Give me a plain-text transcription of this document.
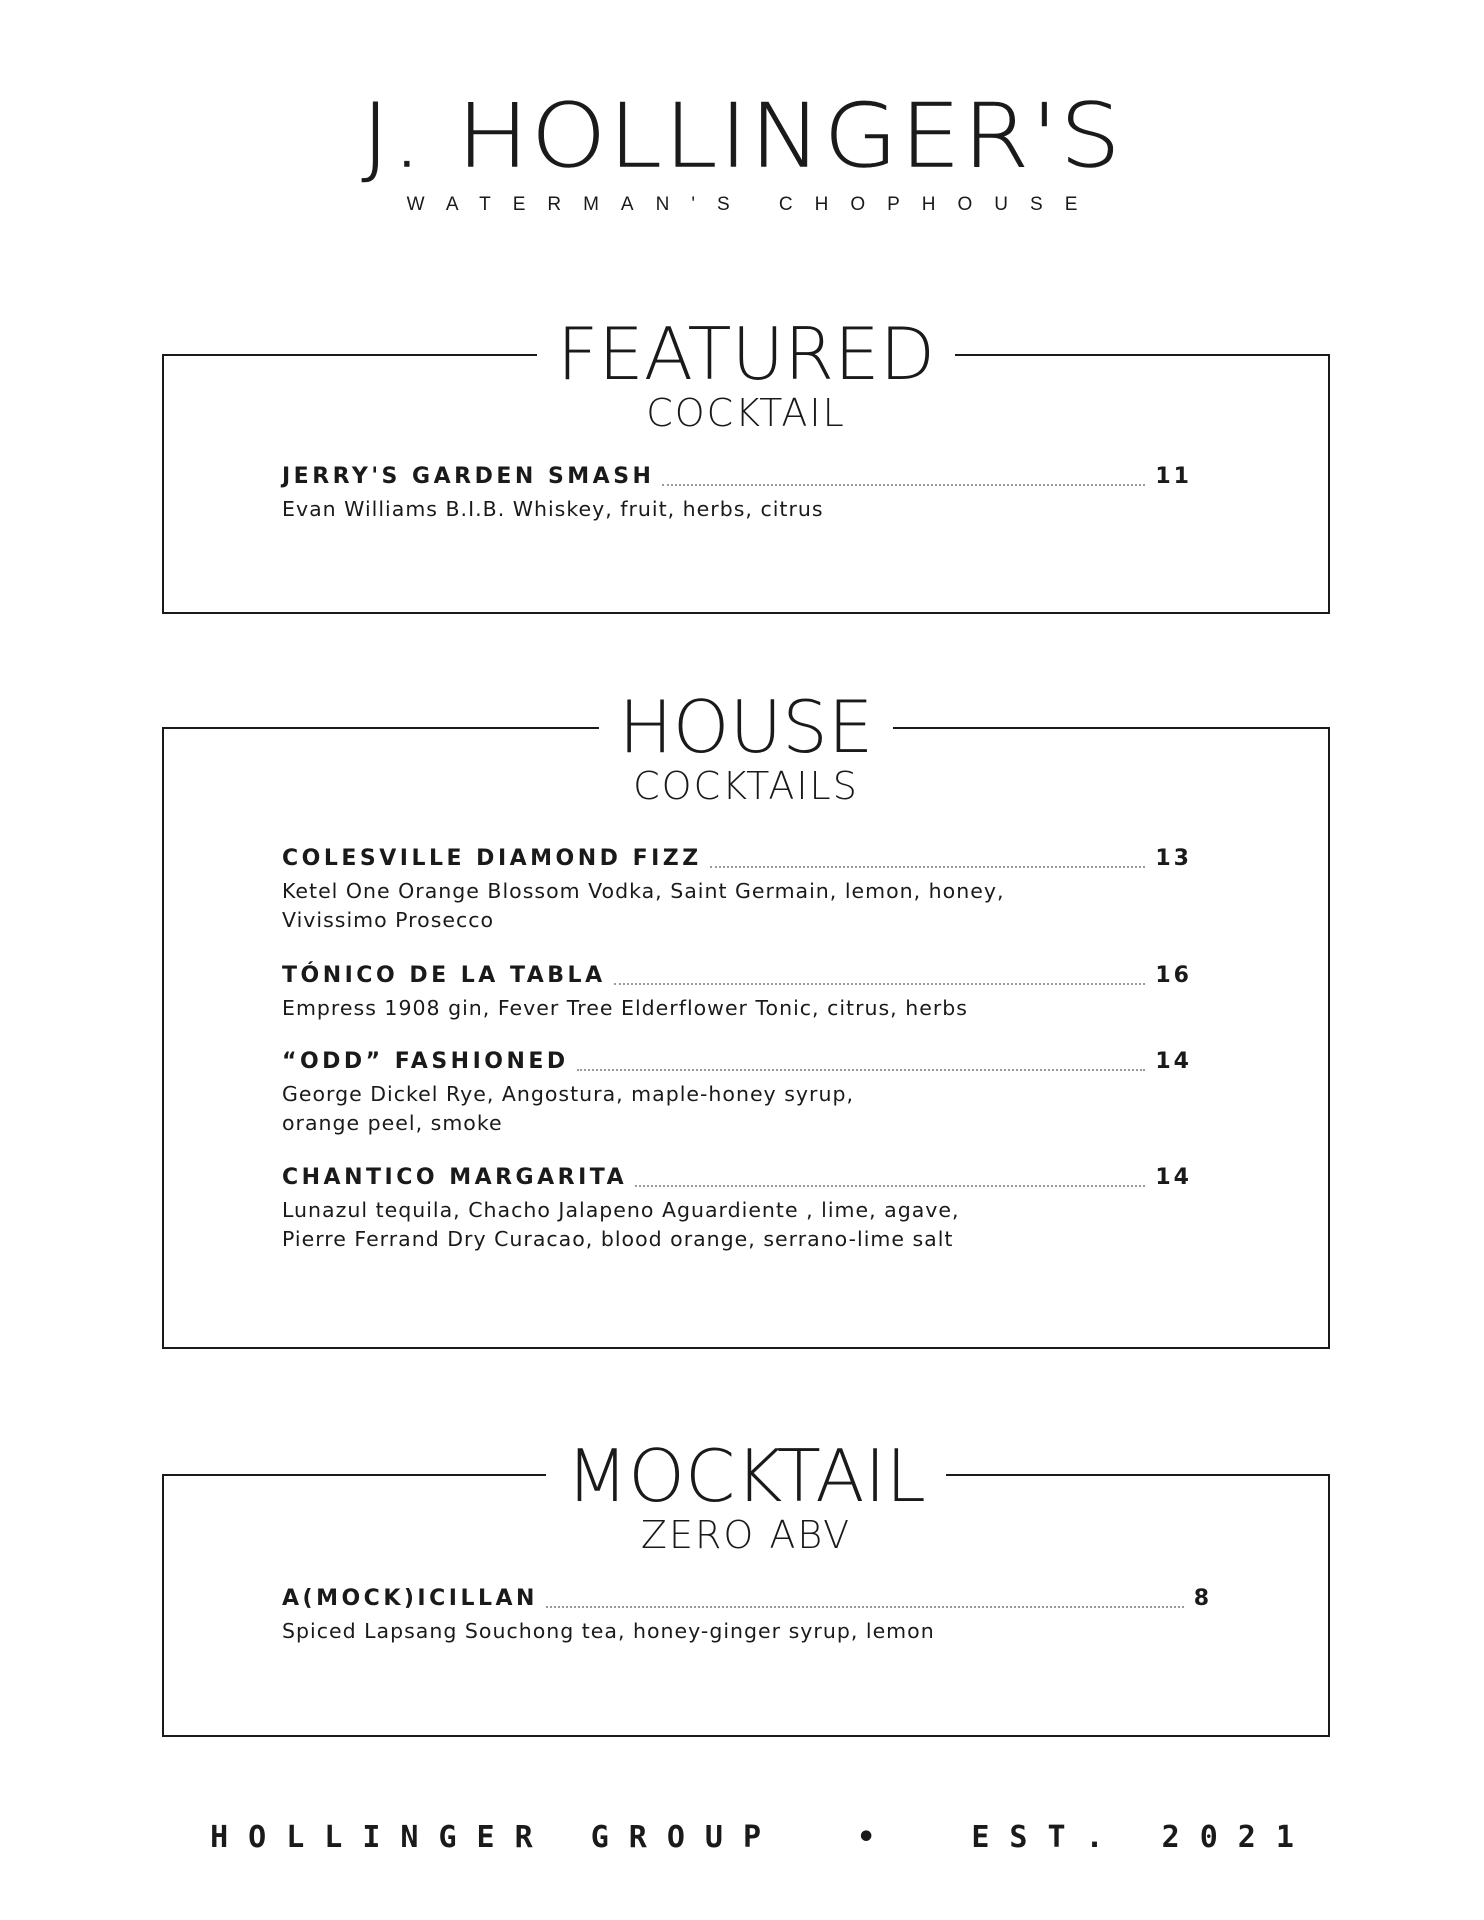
J. HOLLINGER'S
WATERMAN'S CHOPHOUSE
FEATURED
COCKTAIL
JERRY'S GARDEN SMASH	11
Evan Williams B.I.B. Whiskey, fruit, herbs, citrus
HOUSE
COCKTAILS
COLESVILLE DIAMOND FIZZ	13
Ketel One Orange Blossom Vodka, Saint Germain, lemon, honey,
Vivissimo Prosecco
TÓNICO DE LA TABLA	16
Empress 1908 gin, Fever Tree Elderflower Tonic, citrus, herbs
“ODD” FASHIONED	14
George Dickel Rye, Angostura, maple-honey syrup,
orange peel, smoke
CHANTICO MARGARITA	14
Lunazul tequila, Chacho Jalapeno Aguardiente , lime, agave,
Pierre Ferrand Dry Curacao, blood orange, serrano-lime salt
MOCKTAIL
ZERO ABV
A(MOCK)ICILLAN	8
Spiced Lapsang Souchong tea, honey-ginger syrup, lemon
HOLLINGER GROUP	•	EST. 2021
